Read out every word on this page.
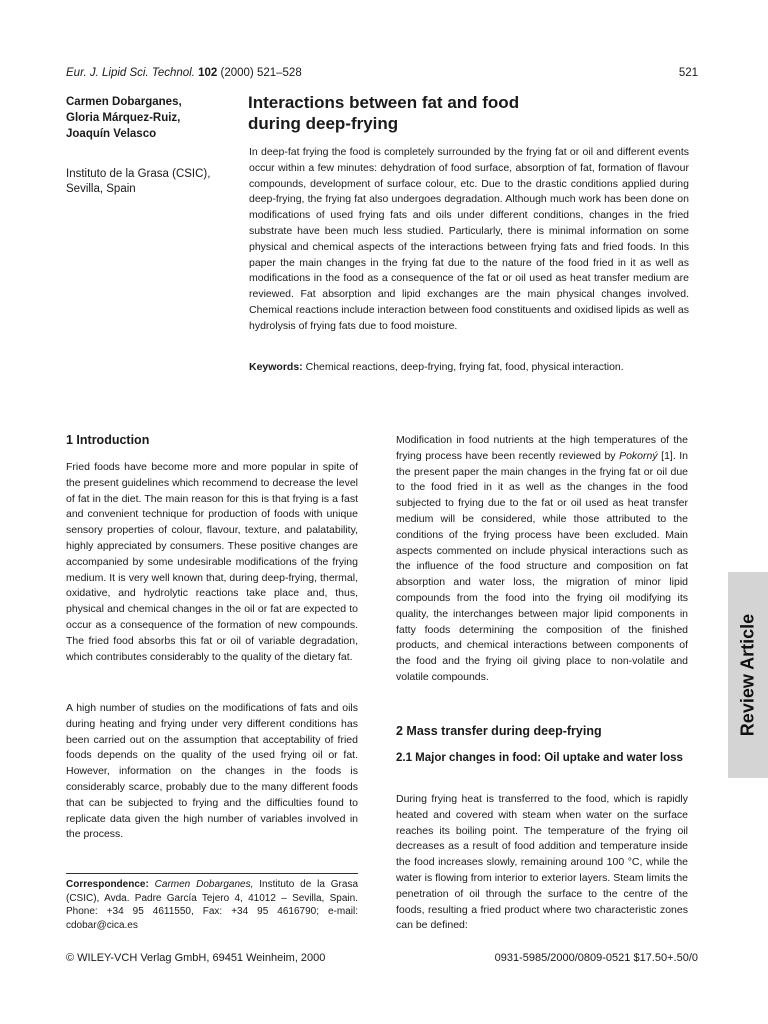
Eur. J. Lipid Sci. Technol. 102 (2000) 521–528	521
Carmen Dobarganes,
Gloria Márquez-Ruiz,
Joaquín Velasco
Instituto de la Grasa (CSIC),
Sevilla, Spain
Interactions between fat and food
during deep-frying
In deep-fat frying the food is completely surrounded by the frying fat or oil and different events occur within a few minutes: dehydration of food surface, absorption of fat, formation of flavour compounds, development of surface colour, etc. Due to the drastic conditions applied during deep-frying, the frying fat also undergoes degradation. Although much work has been done on modifications of used frying fats and oils under different conditions, changes in the fried substrate have been much less studied. Particularly, there is minimal information on some physical and chemical aspects of the interactions between frying fats and fried foods. In this paper the main changes in the frying fat due to the nature of the food fried in it as well as modifications in the food as a consequence of the fat or oil used as heat transfer medium are reviewed. Fat absorption and lipid exchanges are the main physical changes involved. Chemical reactions include interaction between food constituents and oxidised lipids as well as hydrolysis of frying fats due to food moisture.
Keywords: Chemical reactions, deep-frying, frying fat, food, physical interaction.
1 Introduction

Fried foods have become more and more popular in spite of the present guidelines which recommend to decrease the level of fat in the diet. The main reason for this is that frying is a fast and convenient technique for production of foods with unique sensory properties of colour, flavour, texture, and palatability, highly appreciated by consumers. These positive changes are accompanied by some undesirable modifications of the frying medium. It is very well known that, during deep-frying, thermal, oxidative, and hydrolytic reactions take place and, thus, physical and chemical changes in the oil or fat are expected to occur as a consequence of the formation of new compounds. The fried food absorbs this fat or oil of variable degradation, which contributes considerably to the quality of the dietary fat.

A high number of studies on the modifications of fats and oils during heating and frying under very different conditions has been carried out on the assumption that acceptability of fried foods depends on the quality of the used frying oil or fat. However, information on the changes in the foods is considerably scarce, probably due to the many different foods that can be subjected to frying and the difficulties found to replicate data given the high number of variables involved in the process.

Correspondence: Carmen Dobarganes, Instituto de la Grasa (CSIC), Avda. Padre García Tejero 4, 41012 – Sevilla, Spain. Phone: +34 95 4611550, Fax: +34 95 4616790; e-mail: cdobar@cica.es

Modification in food nutrients at the high temperatures of the frying process have been recently reviewed by Pokorný [1]. In the present paper the main changes in the frying fat or oil due to the food fried in it as well as the changes in the food subjected to frying due to the fat or oil used as heat transfer medium will be considered, while those attributed to the conditions of the frying process have been excluded. Main aspects commented on include physical interactions such as the influence of the food structure and composition on fat absorption and water loss, the migration of minor lipid compounds from the food into the frying oil modifying its quality, the interchanges between major lipid components in fatty foods determining the composition of the finished products, and chemical interactions between components of the food and the frying oil giving place to non-volatile and volatile compounds.

2 Mass transfer during deep-frying
2.1 Major changes in food: Oil uptake and water loss

During frying heat is transferred to the food, which is rapidly heated and covered with steam when water on the surface reaches its boiling point. The temperature of the frying oil decreases as a result of food addition and temperature inside the food increases slowly, remaining around 100 °C, while the water is flowing from interior to exterior layers. Steam limits the penetration of oil through the surface to the centre of the foods, resulting a fried product where two characteristic zones can be defined:

© WILEY-VCH Verlag GmbH, 69451 Weinheim, 2000	0931-5985/2000/0809-0521 $17.50+.50/0
Review Article
